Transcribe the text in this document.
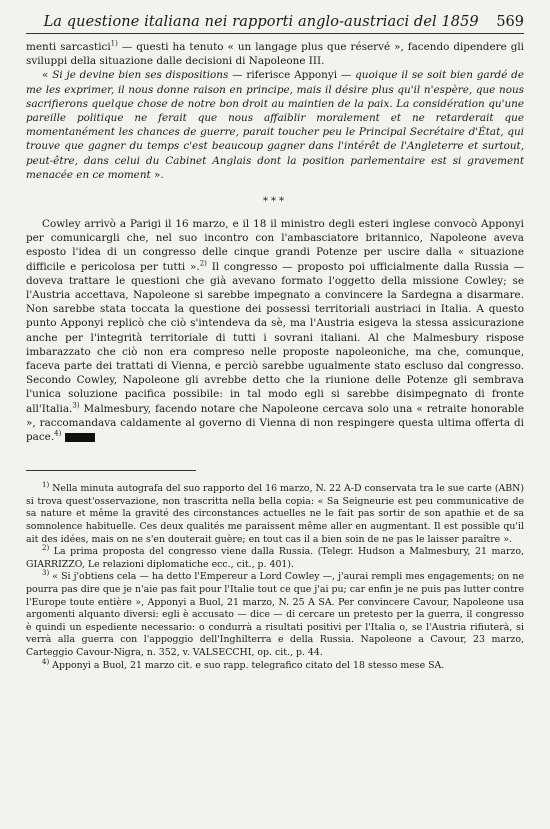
La questione italiana nei rapporti anglo-austriaci del 1859	569

menti sarcastici$^{1)}$ — questi ha tenuto « un langage plus que réservé », facendo dipendere gli sviluppi della situazione dalle decisioni di Napoleone III.

« Si je devine bien ses dispositions — riferisce Apponyi — quoique il se soit bien gardé de me les exprimer, il nous donne raison en principe, mais il désire plus qu'il n'espère, que nous sacrifierons quelque chose de notre bon droit au maintien de la paix. La considération qu'une pareille politique ne ferait que nous affaiblir moralement et ne retarderait que momentanément les chances de guerre, parait toucher peu le Principal Secrétaire d'État, qui trouve que gagner du temps c'est beaucoup gagner dans l'intérêt de l'Angleterre et surtout, peut-être, dans celui du Cabinet Anglais dont la position parlementaire est si gravement menacée en ce moment ».

***

Cowley arrivò a Parigi il 16 marzo, e il 18 il ministro degli esteri inglese convocò Apponyi per comunicargli che, nel suo incontro con l'ambasciatore britannico, Napoleone aveva esposto l'idea di un congresso delle cinque grandi Potenze per uscire dalla « situazione difficile e pericolosa per tutti ».$^{2)}$ Il congresso — proposto poi ufficialmente dalla Russia — doveva trattare le questioni che già avevano formato l'oggetto della missione Cowley; se l'Austria accettava, Napoleone si sarebbe impegnato a convincere la Sardegna a disarmare. Non sarebbe stata toccata la questione dei possessi territoriali austriaci in Italia. A questo punto Apponyi replicò che ciò s'intendeva da sè, ma l'Austria esigeva la stessa assicurazione anche per l'integrità territoriale di tutti i sovrani italiani. Al che Malmesbury rispose imbarazzato che ciò non era compreso nelle proposte napoleoniche, ma che, comunque, faceva parte dei trattati di Vienna, e perciò sarebbe ugualmente stato escluso dal congresso. Secondo Cowley, Napoleone gli avrebbe detto che la riunione delle Potenze gli sembrava l'unica soluzione pacifica possibile: in tal modo egli si sarebbe disimpegnato di fronte all'Italia.$^{3)}$ Malmesbury, facendo notare che Napoleone cercava solo una « retraite honorable », raccomandava caldamente al governo di Vienna di non respingere questa ultima offerta di pace.$^{4)}$

$^{1)}$ Nella minuta autografa del suo rapporto del 16 marzo, N. 22 A-D conservata tra le sue carte (ABN) si trova quest'osservazione, non trascritta nella bella copia: « Sa Seigneurie est peu communicative de sa nature et même la gravité des circonstances actuelles ne le fait pas sortir de son apathie et de sa somnolence habituelle. Ces deux qualités me paraissent même aller en augmentant. Il est possible qu'il ait des idées, mais on ne s'en douterait guère; en tout cas il a bien soin de ne pas le laisser paraître ».

$^{2)}$ La prima proposta del congresso viene dalla Russia. (Telegr. Hudson a Malmesbury, 21 marzo, GIARRIZZO, Le relazioni diplomatiche ecc., cit., p. 401).

$^{3)}$ « Si j'obtiens cela — ha detto l'Empereur a Lord Cowley —, j'aurai rempli mes engagements; on ne pourra pas dire que je n'aie pas fait pour l'Italie tout ce que j'ai pu; car enfin je ne puis pas lutter contre l'Europe toute entière », Apponyi a Buol, 21 marzo, N. 25 A SA. Per convincere Cavour, Napoleone usa argomenti alquanto diversi: egli è accusato — dice — di cercare un pretesto per la guerra, il congresso è quindi un espediente necessario: o condurrà a risultati positivi per l'Italia o, se l'Austria rifiuterà, si verrà alla guerra con l'appoggio dell'Inghilterra e della Russia. Napoleone a Cavour, 23 marzo, Carteggio Cavour-Nigra, n. 352, v. VALSECCHI, op. cit., p. 44.

$^{4)}$ Apponyi a Buol, 21 marzo cit. e suo rapp. telegrafico citato del 18 stesso mese SA.
